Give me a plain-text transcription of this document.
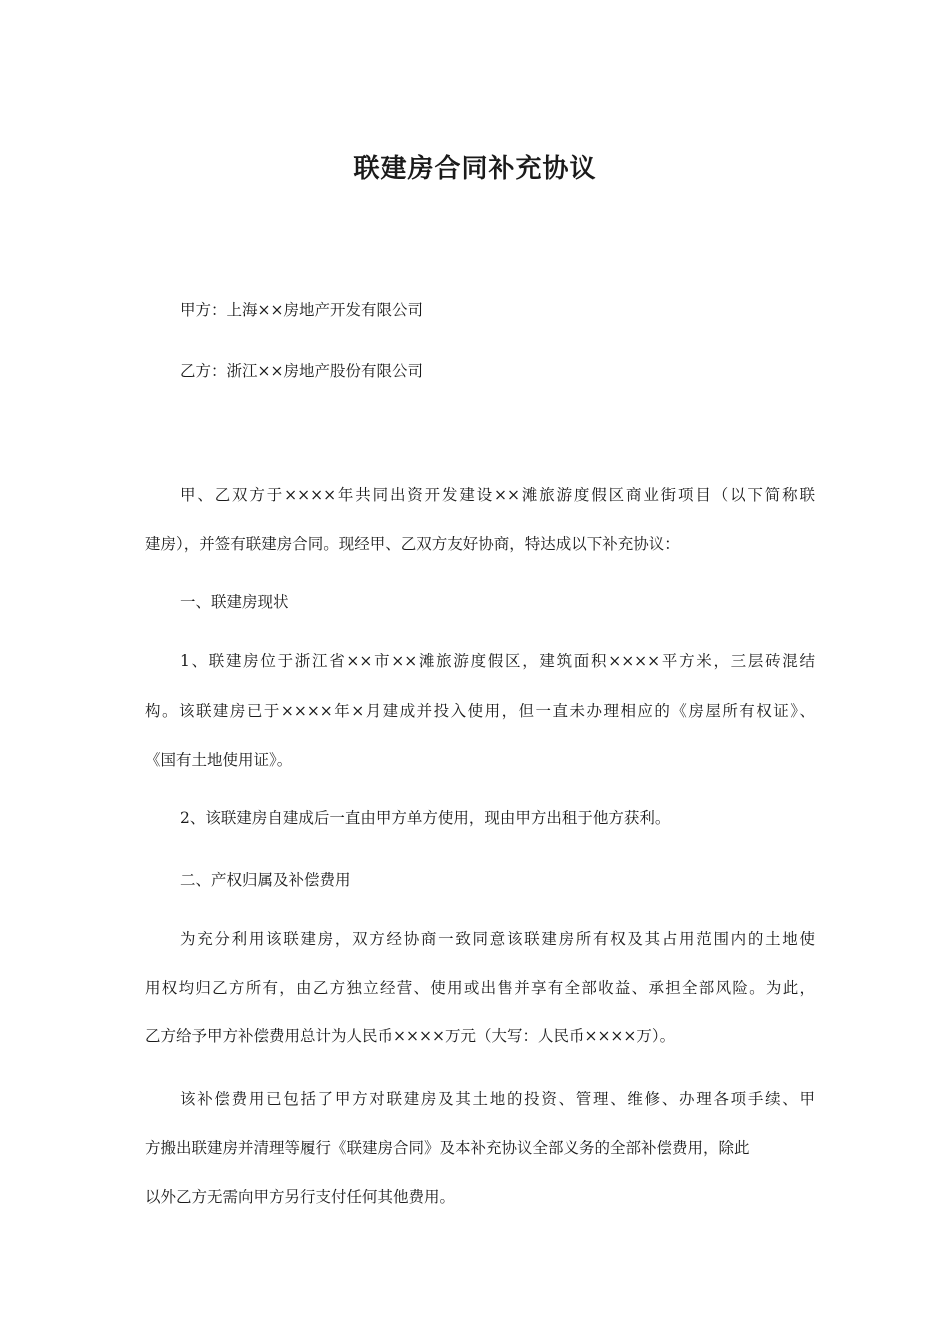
联建房合同补充协议
甲方：上海××房地产开发有限公司
乙方：浙江××房地产股份有限公司
甲、乙双方于××××年共同出资开发建设××滩旅游度假区商业街项目（以下简称联
建房），并签有联建房合同。现经甲、乙双方友好协商，特达成以下补充协议：
一、联建房现状
1、联建房位于浙江省××市××滩旅游度假区，建筑面积××××平方米，三层砖混结
构。该联建房已于××××年×月建成并投入使用，但一直未办理相应的《房屋所有权证》、
《国有土地使用证》。
2、该联建房自建成后一直由甲方单方使用，现由甲方出租于他方获利。
二、产权归属及补偿费用
为充分利用该联建房，双方经协商一致同意该联建房所有权及其占用范围内的土地使
用权均归乙方所有，由乙方独立经营、使用或出售并享有全部收益、承担全部风险。为此，
乙方给予甲方补偿费用总计为人民币××××万元（大写：人民币××××万）。
该补偿费用已包括了甲方对联建房及其土地的投资、管理、维修、办理各项手续、甲
方搬出联建房并清理等履行《联建房合同》及本补充协议全部义务的全部补偿费用，除此
以外乙方无需向甲方另行支付任何其他费用。
